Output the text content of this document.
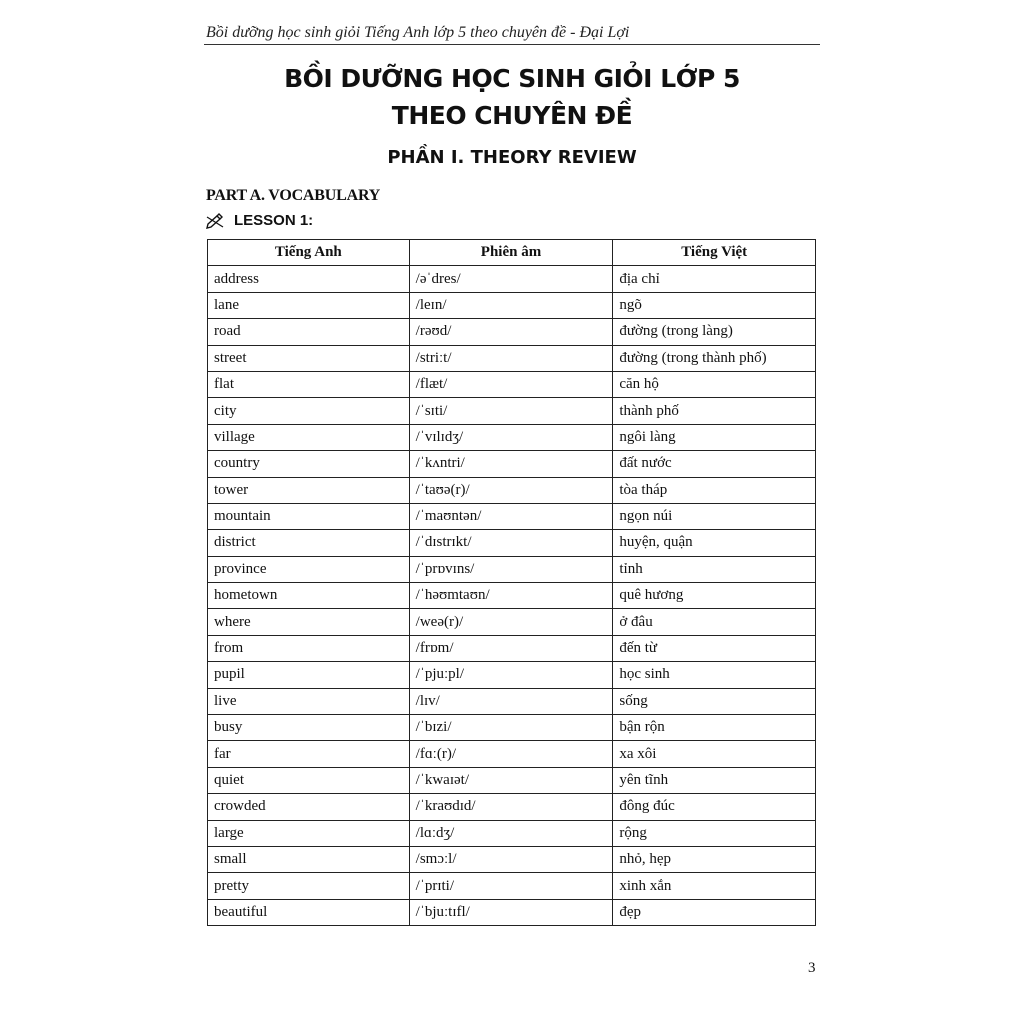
Bồi dưỡng học sinh giỏi Tiếng Anh lớp 5 theo chuyên đề - Đại Lợi
BỒI DƯỠNG HỌC SINH GIỎI LỚP 5
THEO CHUYÊN ĐỀ
PHẦN I. THEORY REVIEW
PART A. VOCABULARY
LESSON 1:
Tiếng Anh	Phiên âm	Tiếng Việt
address	/əˈdres/	địa chỉ
lane	/leɪn/	ngõ
road	/rəʊd/	đường (trong làng)
street	/striːt/	đường (trong thành phố)
flat	/flæt/	căn hộ
city	/ˈsɪti/	thành phố
village	/ˈvɪlɪdʒ/	ngôi làng
country	/ˈkʌntri/	đất nước
tower	/ˈtaʊə(r)/	tòa tháp
mountain	/ˈmaʊntən/	ngọn núi
district	/ˈdɪstrɪkt/	huyện, quận
province	/ˈprɒvɪns/	tỉnh
hometown	/ˈhəʊmtaʊn/	quê hương
where	/weə(r)/	ở đâu
from	/frɒm/	đến từ
pupil	/ˈpjuːpl/	học sinh
live	/lɪv/	sống
busy	/ˈbɪzi/	bận rộn
far	/fɑː(r)/	xa xôi
quiet	/ˈkwaɪət/	yên tĩnh
crowded	/ˈkraʊdɪd/	đông đúc
large	/lɑːdʒ/	rộng
small	/smɔːl/	nhỏ, hẹp
pretty	/ˈprɪti/	xinh xắn
beautiful	/ˈbjuːtɪfl/	đẹp
3
